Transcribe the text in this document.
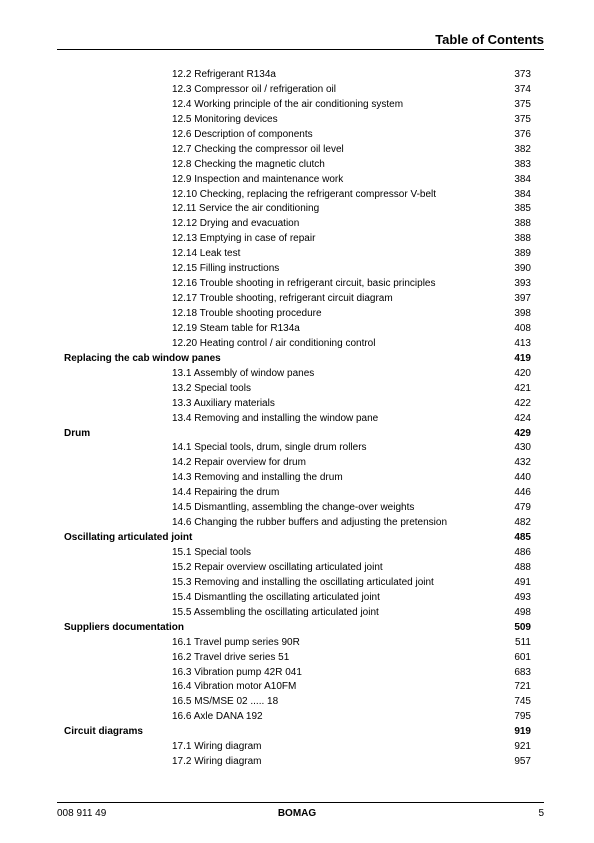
Table of Contents
12.2 Refrigerant R134a	373
12.3 Compressor oil / refrigeration oil	374
12.4 Working principle of the air conditioning system	375
12.5 Monitoring devices	375
12.6 Description of components	376
12.7 Checking the compressor oil level	382
12.8 Checking the magnetic clutch	383
12.9 Inspection and maintenance work	384
12.10 Checking, replacing the refrigerant compressor V-belt	384
12.11 Service the air conditioning	385
12.12 Drying and evacuation	388
12.13 Emptying in case of repair	388
12.14 Leak test	389
12.15 Filling instructions	390
12.16 Trouble shooting in refrigerant circuit, basic principles	393
12.17 Trouble shooting, refrigerant circuit diagram	397
12.18 Trouble shooting procedure	398
12.19 Steam table for R134a	408
12.20 Heating control / air conditioning control	413
Replacing the cab window panes	419
13.1 Assembly of window panes	420
13.2 Special tools	421
13.3 Auxiliary materials	422
13.4 Removing and installing the window pane	424
Drum	429
14.1 Special tools, drum, single drum rollers	430
14.2 Repair overview for drum	432
14.3 Removing and installing the drum	440
14.4 Repairing the drum	446
14.5 Dismantling, assembling the change-over weights	479
14.6 Changing the rubber buffers and adjusting the pretension	482
Oscillating articulated joint	485
15.1 Special tools	486
15.2 Repair overview oscillating articulated joint	488
15.3 Removing and installing the oscillating articulated joint	491
15.4 Dismantling the oscillating articulated joint	493
15.5 Assembling the oscillating articulated joint	498
Suppliers documentation	509
16.1 Travel pump series 90R	511
16.2 Travel drive series 51	601
16.3 Vibration pump 42R 041	683
16.4 Vibration motor A10FM	721
16.5 MS/MSE 02 ..... 18	745
16.6 Axle DANA 192	795
Circuit diagrams	919
17.1 Wiring diagram	921
17.2 Wiring diagram	957
008 911 49	BOMAG	5
